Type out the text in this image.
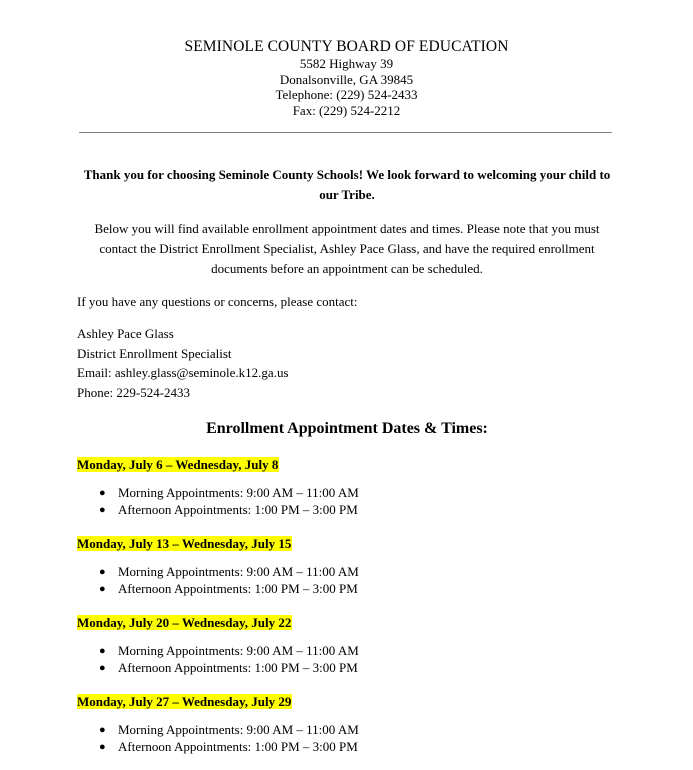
SEMINOLE COUNTY BOARD OF EDUCATION
5582 Highway 39
Donalsonville, GA 39845
Telephone: (229) 524-2433
Fax: (229) 524-2212

Thank you for choosing Seminole County Schools! We look forward to welcoming your child to our Tribe.

Below you will find available enrollment appointment dates and times. Please note that you must contact the District Enrollment Specialist, Ashley Pace Glass, and have the required enrollment documents before an appointment can be scheduled.

If you have any questions or concerns, please contact:

Ashley Pace Glass
District Enrollment Specialist
Email: ashley.glass@seminole.k12.ga.us
Phone: 229-524-2433
Enrollment Appointment Dates & Times:
Monday, July 6 – Wednesday, July 8
● Morning Appointments: 9:00 AM – 11:00 AM
● Afternoon Appointments: 1:00 PM – 3:00 PM
Monday, July 13 – Wednesday, July 15
● Morning Appointments: 9:00 AM – 11:00 AM
● Afternoon Appointments: 1:00 PM – 3:00 PM
Monday, July 20 – Wednesday, July 22
● Morning Appointments: 9:00 AM – 11:00 AM
● Afternoon Appointments: 1:00 PM – 3:00 PM
Monday, July 27 – Wednesday, July 29
● Morning Appointments: 9:00 AM – 11:00 AM
● Afternoon Appointments: 1:00 PM – 3:00 PM
